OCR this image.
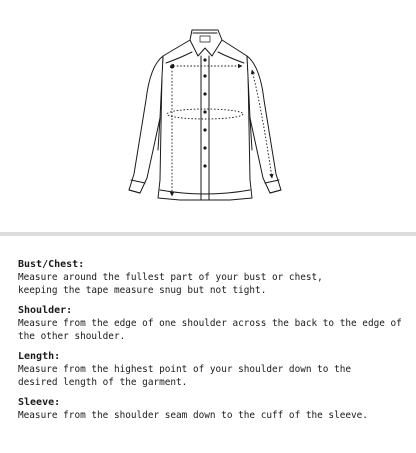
Bust/Chest:
Measure around the fullest part of your bust or chest,
keeping the tape measure snug but not tight.
Shoulder:
Measure from the edge of one shoulder across the back to the edge of
the other shoulder.
Length:
Measure from the highest point of your shoulder down to the
desired length of the garment.
Sleeve:
Measure from the shoulder seam down to the cuff of the sleeve.
